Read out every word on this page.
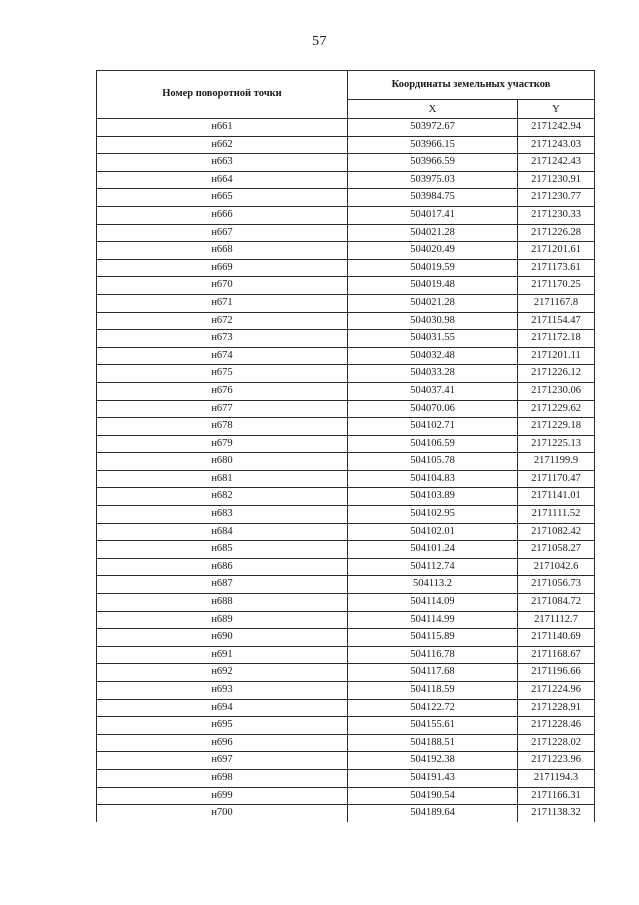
57
Номер поворотной точки	Координаты земельных участков	
	X	Y
н661	503972.67	2171242.94
н662	503966.15	2171243.03
н663	503966.59	2171242.43
н664	503975.03	2171230.91
н665	503984.75	2171230.77
н666	504017.41	2171230.33
н667	504021.28	2171226.28
н668	504020.49	2171201.61
н669	504019.59	2171173.61
н670	504019.48	2171170.25
н671	504021.28	2171167.8
н672	504030.98	2171154.47
н673	504031.55	2171172.18
н674	504032.48	2171201.11
н675	504033.28	2171226.12
н676	504037.41	2171230.06
н677	504070.06	2171229.62
н678	504102.71	2171229.18
н679	504106.59	2171225.13
н680	504105.78	2171199.9
н681	504104.83	2171170.47
н682	504103.89	2171141.01
н683	504102.95	2171111.52
н684	504102.01	2171082.42
н685	504101.24	2171058.27
н686	504112.74	2171042.6
н687	504113.2	2171056.73
н688	504114.09	2171084.72
н689	504114.99	2171112.7
н690	504115.89	2171140.69
н691	504116.78	2171168.67
н692	504117.68	2171196.66
н693	504118.59	2171224.96
н694	504122.72	2171228.91
н695	504155.61	2171228.46
н696	504188.51	2171228.02
н697	504192.38	2171223.96
н698	504191.43	2171194.3
н699	504190.54	2171166.31
н700	504189.64	2171138.32
